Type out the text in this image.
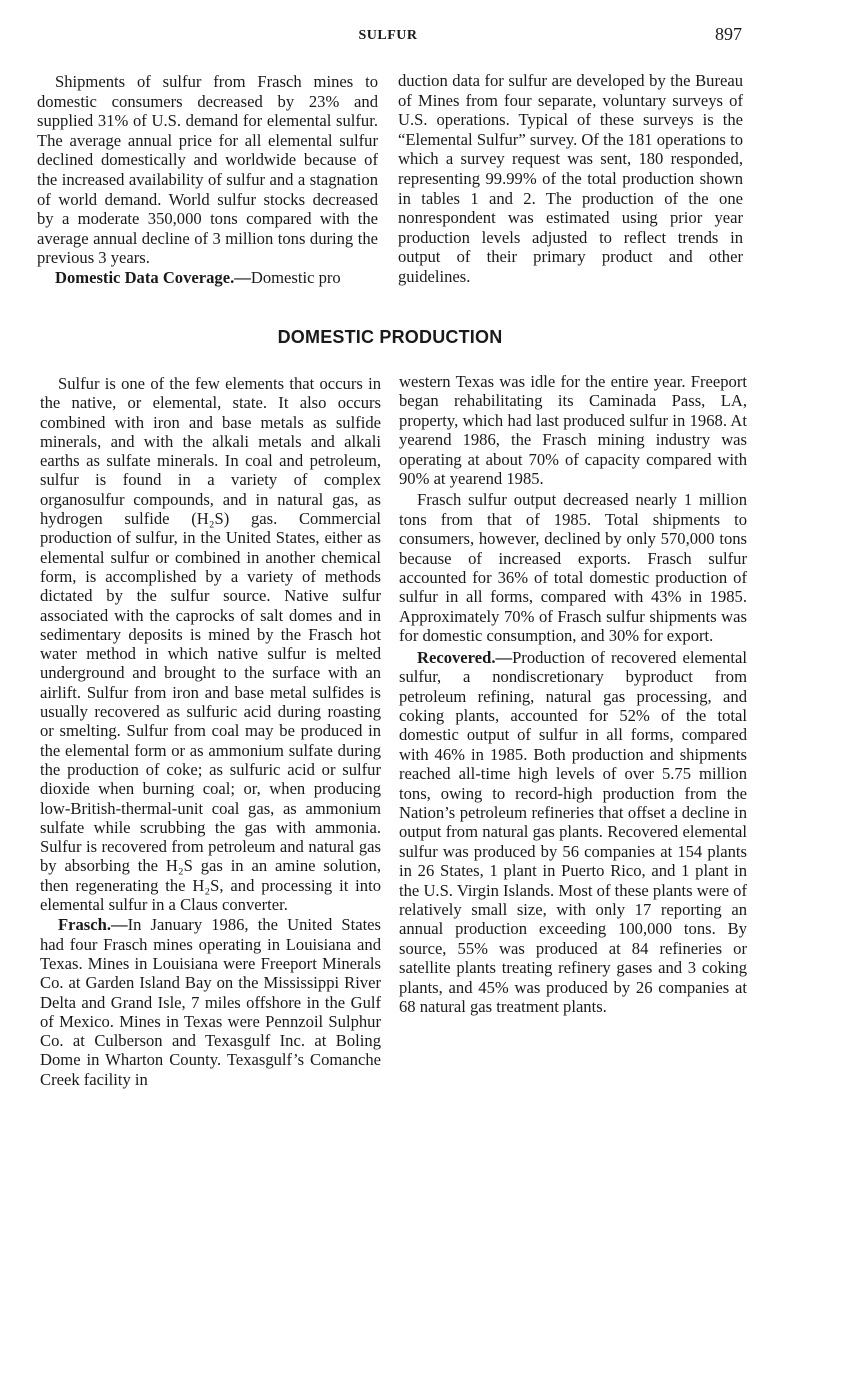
SULFUR	897

Shipments of sulfur from Frasch mines to domestic consumers decreased by 23% and supplied 31% of U.S. demand for elemental sulfur. The average annual price for all elemental sulfur declined domestically and worldwide because of the increased availability of sulfur and a stagnation of world demand. World sulfur stocks decreased by a moderate 350,000 tons compared with the average annual decline of 3 million tons during the previous 3 years.

Domestic Data Coverage.—Domestic pro

duction data for sulfur are developed by the Bureau of Mines from four separate, voluntary surveys of U.S. operations. Typical of these surveys is the “Elemental Sulfur” survey. Of the 181 operations to which a survey request was sent, 180 responded, representing 99.99% of the total production shown in tables 1 and 2. The production of the one nonrespondent was estimated using prior year production levels adjusted to reflect trends in output of their primary product and other guidelines.

DOMESTIC PRODUCTION

Sulfur is one of the few elements that occurs in the native, or elemental, state. It also occurs combined with iron and base metals as sulfide minerals, and with the alkali metals and alkali earths as sulfate minerals. In coal and petroleum, sulfur is found in a variety of complex organosulfur compounds, and in natural gas, as hydrogen sulfide (H₂S) gas. Commercial production of sulfur, in the United States, either as elemental sulfur or combined in another chemical form, is accomplished by a variety of methods dictated by the sulfur source. Native sulfur associated with the caprocks of salt domes and in sedimentary deposits is mined by the Frasch hot water method in which native sulfur is melted underground and brought to the surface with an airlift. Sulfur from iron and base metal sulfides is usually recovered as sulfuric acid during roasting or smelting. Sulfur from coal may be produced in the elemental form or as ammonium sulfate during the production of coke; as sulfuric acid or sulfur dioxide when burning coal; or, when producing low-British-thermal-unit coal gas, as ammonium sulfate while scrubbing the gas with ammonia. Sulfur is recovered from petroleum and natural gas by absorbing the H₂S gas in an amine solution, then regenerating the H₂S, and processing it into elemental sulfur in a Claus converter.

Frasch.—In January 1986, the United States had four Frasch mines operating in Louisiana and Texas. Mines in Louisiana were Freeport Minerals Co. at Garden Island Bay on the Mississippi River Delta and Grand Isle, 7 miles offshore in the Gulf of Mexico. Mines in Texas were Pennzoil Sulphur Co. at Culberson and Texasgulf Inc. at Boling Dome in Wharton County. Texasgulf’s Comanche Creek facility in

western Texas was idle for the entire year. Freeport began rehabilitating its Caminada Pass, LA, property, which had last produced sulfur in 1968. At yearend 1986, the Frasch mining industry was operating at about 70% of capacity compared with 90% at yearend 1985.

Frasch sulfur output decreased nearly 1 million tons from that of 1985. Total shipments to consumers, however, declined by only 570,000 tons because of increased exports. Frasch sulfur accounted for 36% of total domestic production of sulfur in all forms, compared with 43% in 1985. Approximately 70% of Frasch sulfur shipments was for domestic consumption, and 30% for export.

Recovered.—Production of recovered elemental sulfur, a nondiscretionary byproduct from petroleum refining, natural gas processing, and coking plants, accounted for 52% of the total domestic output of sulfur in all forms, compared with 46% in 1985. Both production and shipments reached all-time high levels of over 5.75 million tons, owing to record-high production from the Nation’s petroleum refineries that offset a decline in output from natural gas plants. Recovered elemental sulfur was produced by 56 companies at 154 plants in 26 States, 1 plant in Puerto Rico, and 1 plant in the U.S. Virgin Islands. Most of these plants were of relatively small size, with only 17 reporting an annual production exceeding 100,000 tons. By source, 55% was produced at 84 refineries or satellite plants treating refinery gases and 3 coking plants, and 45% was produced by 26 companies at 68 natural gas treatment plants.
